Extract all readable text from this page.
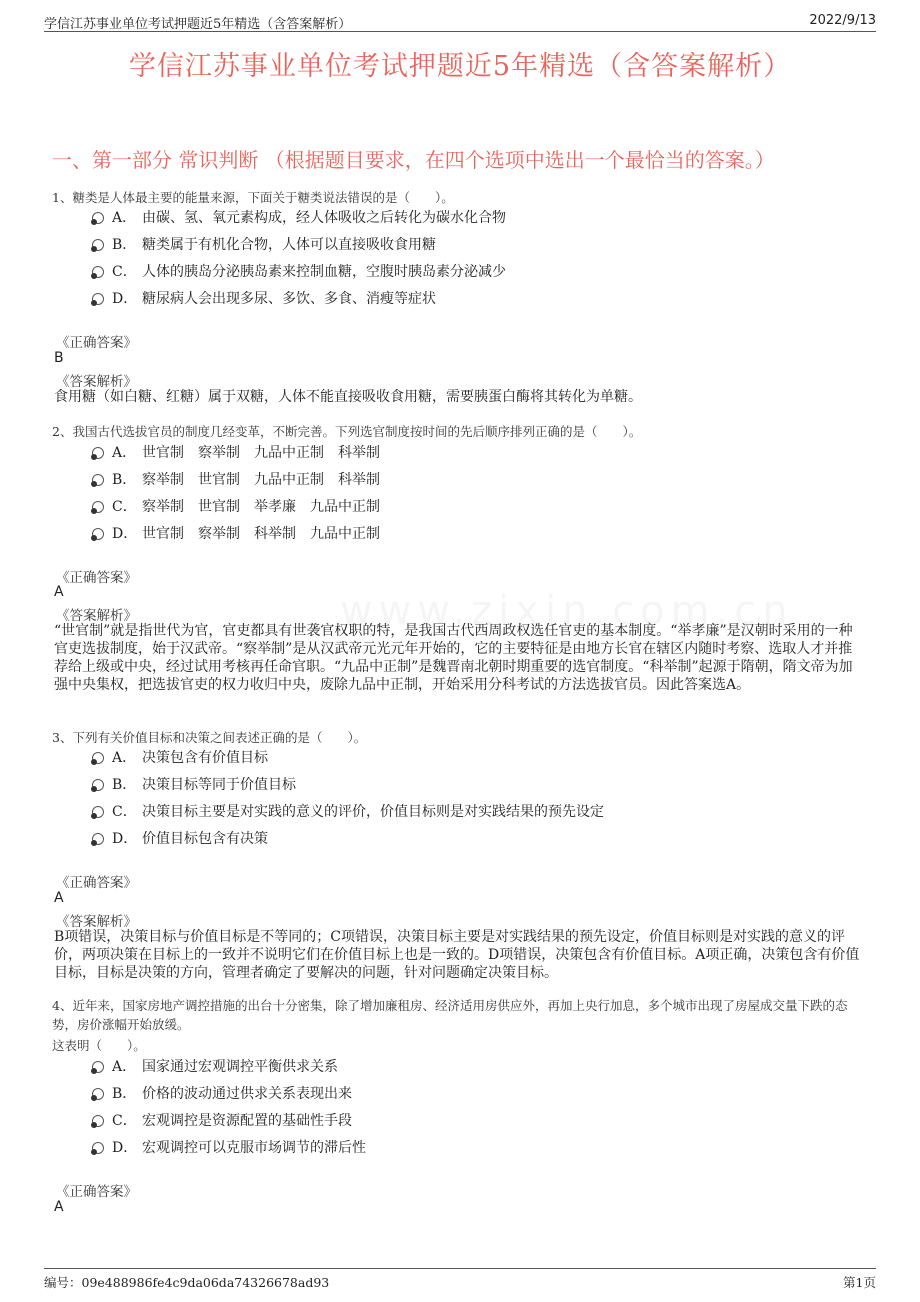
学信江苏事业单位考试押题近5年精选（含答案解析）	2022/9/13
学信江苏事业单位考试押题近5年精选（含答案解析）
一、第一部分 常识判断 （根据题目要求，在四个选项中选出一个最恰当的答案。）
1、糖类是人体最主要的能量来源，下面关于糖类说法错误的是（　　）。
A． 由碳、氢、氧元素构成，经人体吸收之后转化为碳水化合物
B． 糖类属于有机化合物，人体可以直接吸收食用糖
C． 人体的胰岛分泌胰岛素来控制血糖，空腹时胰岛素分泌减少
D． 糖尿病人会出现多尿、多饮、多食、消瘦等症状
《正确答案》
B
《答案解析》
食用糖（如白糖、红糖）属于双糖，人体不能直接吸收食用糖，需要胰蛋白酶将其转化为单糖。
2、我国古代选拔官员的制度几经变革，不断完善。下列选官制度按时间的先后顺序排列正确的是（　　）。
A． 世官制　察举制　九品中正制　科举制
B． 察举制　世官制　九品中正制　科举制
C． 察举制　世官制　举孝廉　九品中正制
D． 世官制　察举制　科举制　九品中正制
《正确答案》
A
《答案解析》
“世官制”就是指世代为官，官吏都具有世袭官权职的特，是我国古代西周政权选任官吏的基本制度。“举孝廉”是汉朝时采用的一种官吏选拔制度，始于汉武帝。“察举制”是从汉武帝元光元年开始的，它的主要特征是由地方长官在辖区内随时考察、选取人才并推荐给上级或中央，经过试用考核再任命官职。“九品中正制”是魏晋南北朝时期重要的选官制度。“科举制”起源于隋朝，隋文帝为加强中央集权，把选拔官吏的权力收归中央，废除九品中正制，开始采用分科考试的方法选拔官员。因此答案选A。
3、下列有关价值目标和决策之间表述正确的是（　　）。
A． 决策包含有价值目标
B． 决策目标等同于价值目标
C． 决策目标主要是对实践的意义的评价，价值目标则是对实践结果的预先设定
D． 价值目标包含有决策
《正确答案》
A
《答案解析》
B项错误，决策目标与价值目标是不等同的；C项错误，决策目标主要是对实践结果的预先设定，价值目标则是对实践的意义的评价，两项决策在目标上的一致并不说明它们在价值目标上也是一致的。D项错误，决策包含有价值目标。A项正确，决策包含有价值目标，目标是决策的方向，管理者确定了要解决的问题，针对问题确定决策目标。
4、近年来，国家房地产调控措施的出台十分密集，除了增加廉租房、经济适用房供应外，再加上央行加息，多个城市出现了房屋成交量下跌的态势，房价涨幅开始放缓。
这表明（　　）。
A． 国家通过宏观调控平衡供求关系
B． 价格的波动通过供求关系表现出来
C． 宏观调控是资源配置的基础性手段
D． 宏观调控可以克服市场调节的滞后性
《正确答案》
A
编号：09e488986fe4c9da06da74326678ad93	第1页
